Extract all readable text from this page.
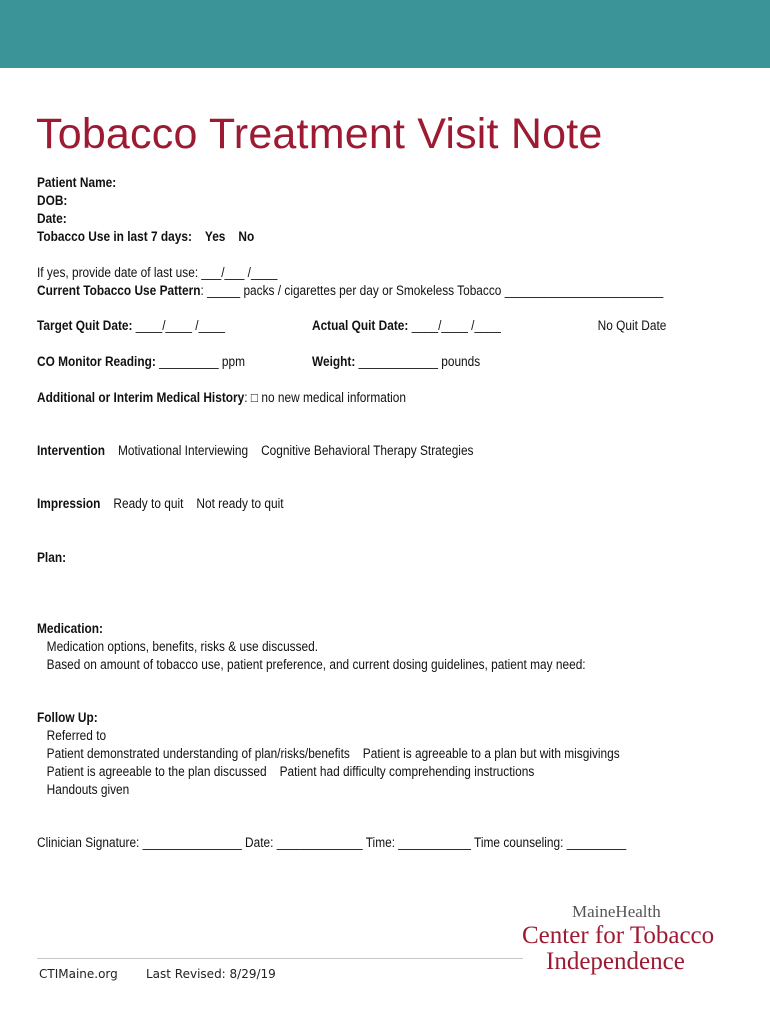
Tobacco Treatment Visit Note
Patient Name:
DOB:
Date:
Tobacco Use in last 7 days: Yes No
If yes, provide date of last use: ___/___ /____
Current Tobacco Use Pattern: _____ packs / cigarettes per day or Smokeless Tobacco ________________________
Target Quit Date: ____/____ /____	Actual Quit Date: ____/____ /____	No Quit Date
CO Monitor Reading: _________ ppm	Weight: ____________ pounds
Additional or Interim Medical History: □ no new medical information
Intervention Motivational Interviewing Cognitive Behavioral Therapy Strategies
Impression Ready to quit Not ready to quit
Plan:
Medication:
Medication options, benefits, risks & use discussed.
Based on amount of tobacco use, patient preference, and current dosing guidelines, patient may need:
Follow Up:
Referred to
Patient demonstrated understanding of plan/risks/benefits Patient is agreeable to a plan but with misgivings
Patient is agreeable to the plan discussed Patient had difficulty comprehending instructions
Handouts given
Clinician Signature: _______________ Date: _____________ Time: ___________ Time counseling: _________
CTIMaine.org Last Revised: 8/29/19
MaineHealth
Center for Tobacco
Independence
